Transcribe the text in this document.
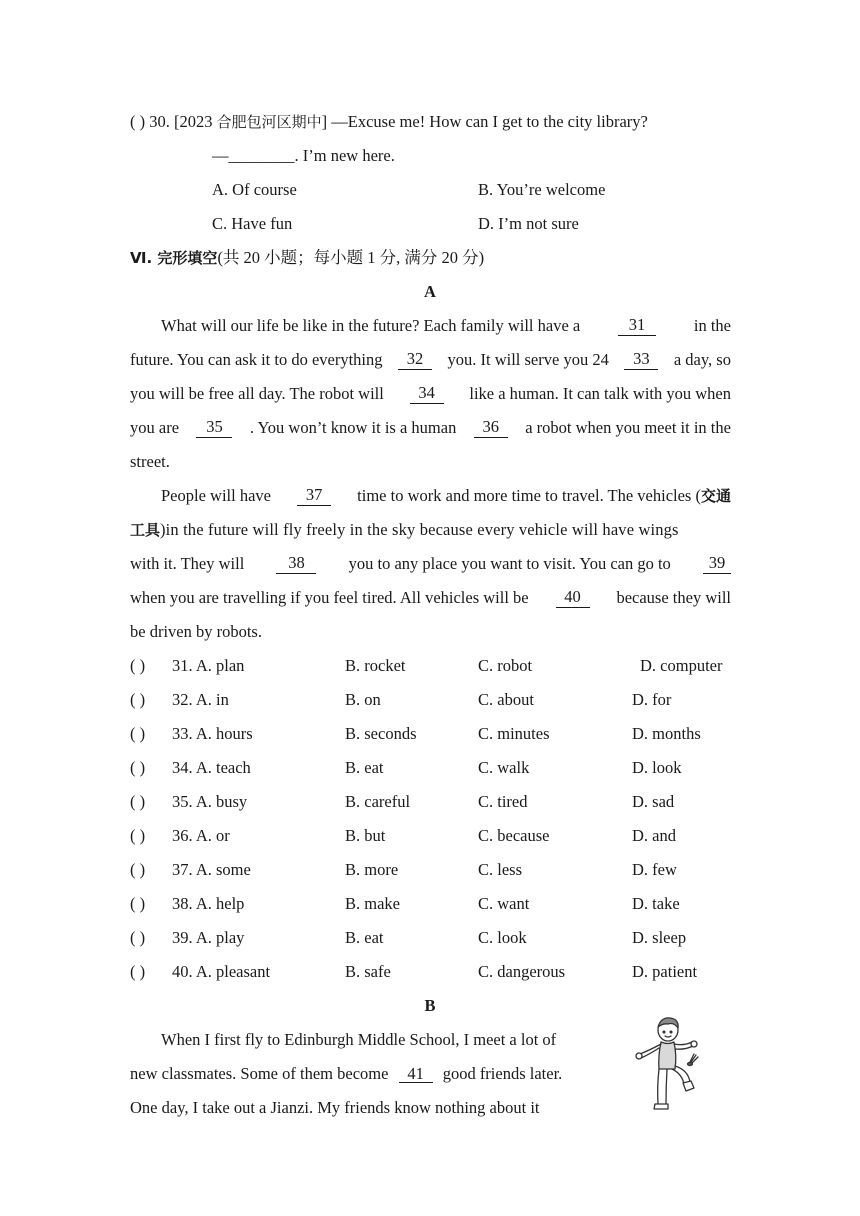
( ) 30. [2023 合肥包河区期中] —Excuse me! How can I get to the city library?
—________. I’m new here.
A. Of course	B. You’re welcome
C. Have fun	D. I’m not sure
Ⅵ. 完形填空(共 20 小题；每小题 1 分, 满分 20 分)
A
What will our life be like in the future? Each family will have a	31	in the
future. You can ask it to do everything	32	you. It will serve you 24	33	a day, so
you will be free all day. The robot will	34	like a human. It can talk with you when
you are	35	. You won’t know it is a human	36	a robot when you meet it in the
street.
People will have	37	time to work and more time to travel. The vehicles (交通
工具)in the future will fly freely in the sky because every vehicle will have wings
with it. They will	38	you to any place you want to visit. You can go to	39
when you are travelling if you feel tired. All vehicles will be	40	because they will
be driven by robots.
( ) 31. A. plan	B. rocket	C. robot	D. computer
( ) 32. A. in	B. on	C. about	D. for
( ) 33. A. hours	B. seconds	C. minutes	D. months
( ) 34. A. teach	B. eat	C. walk	D. look
( ) 35. A. busy	B. careful	C. tired	D. sad
( ) 36. A. or	B. but	C. because	D. and
( ) 37. A. some	B. more	C. less	D. few
( ) 38. A. help	B. make	C. want	D. take
( ) 39. A. play	B. eat	C. look	D. sleep
( ) 40. A. pleasant	B. safe	C. dangerous	D. patient
B
When I first fly to Edinburgh Middle School, I meet a lot of
new classmates. Some of them become 41 good friends later.
One day, I take out a Jianzi. My friends know nothing about it
